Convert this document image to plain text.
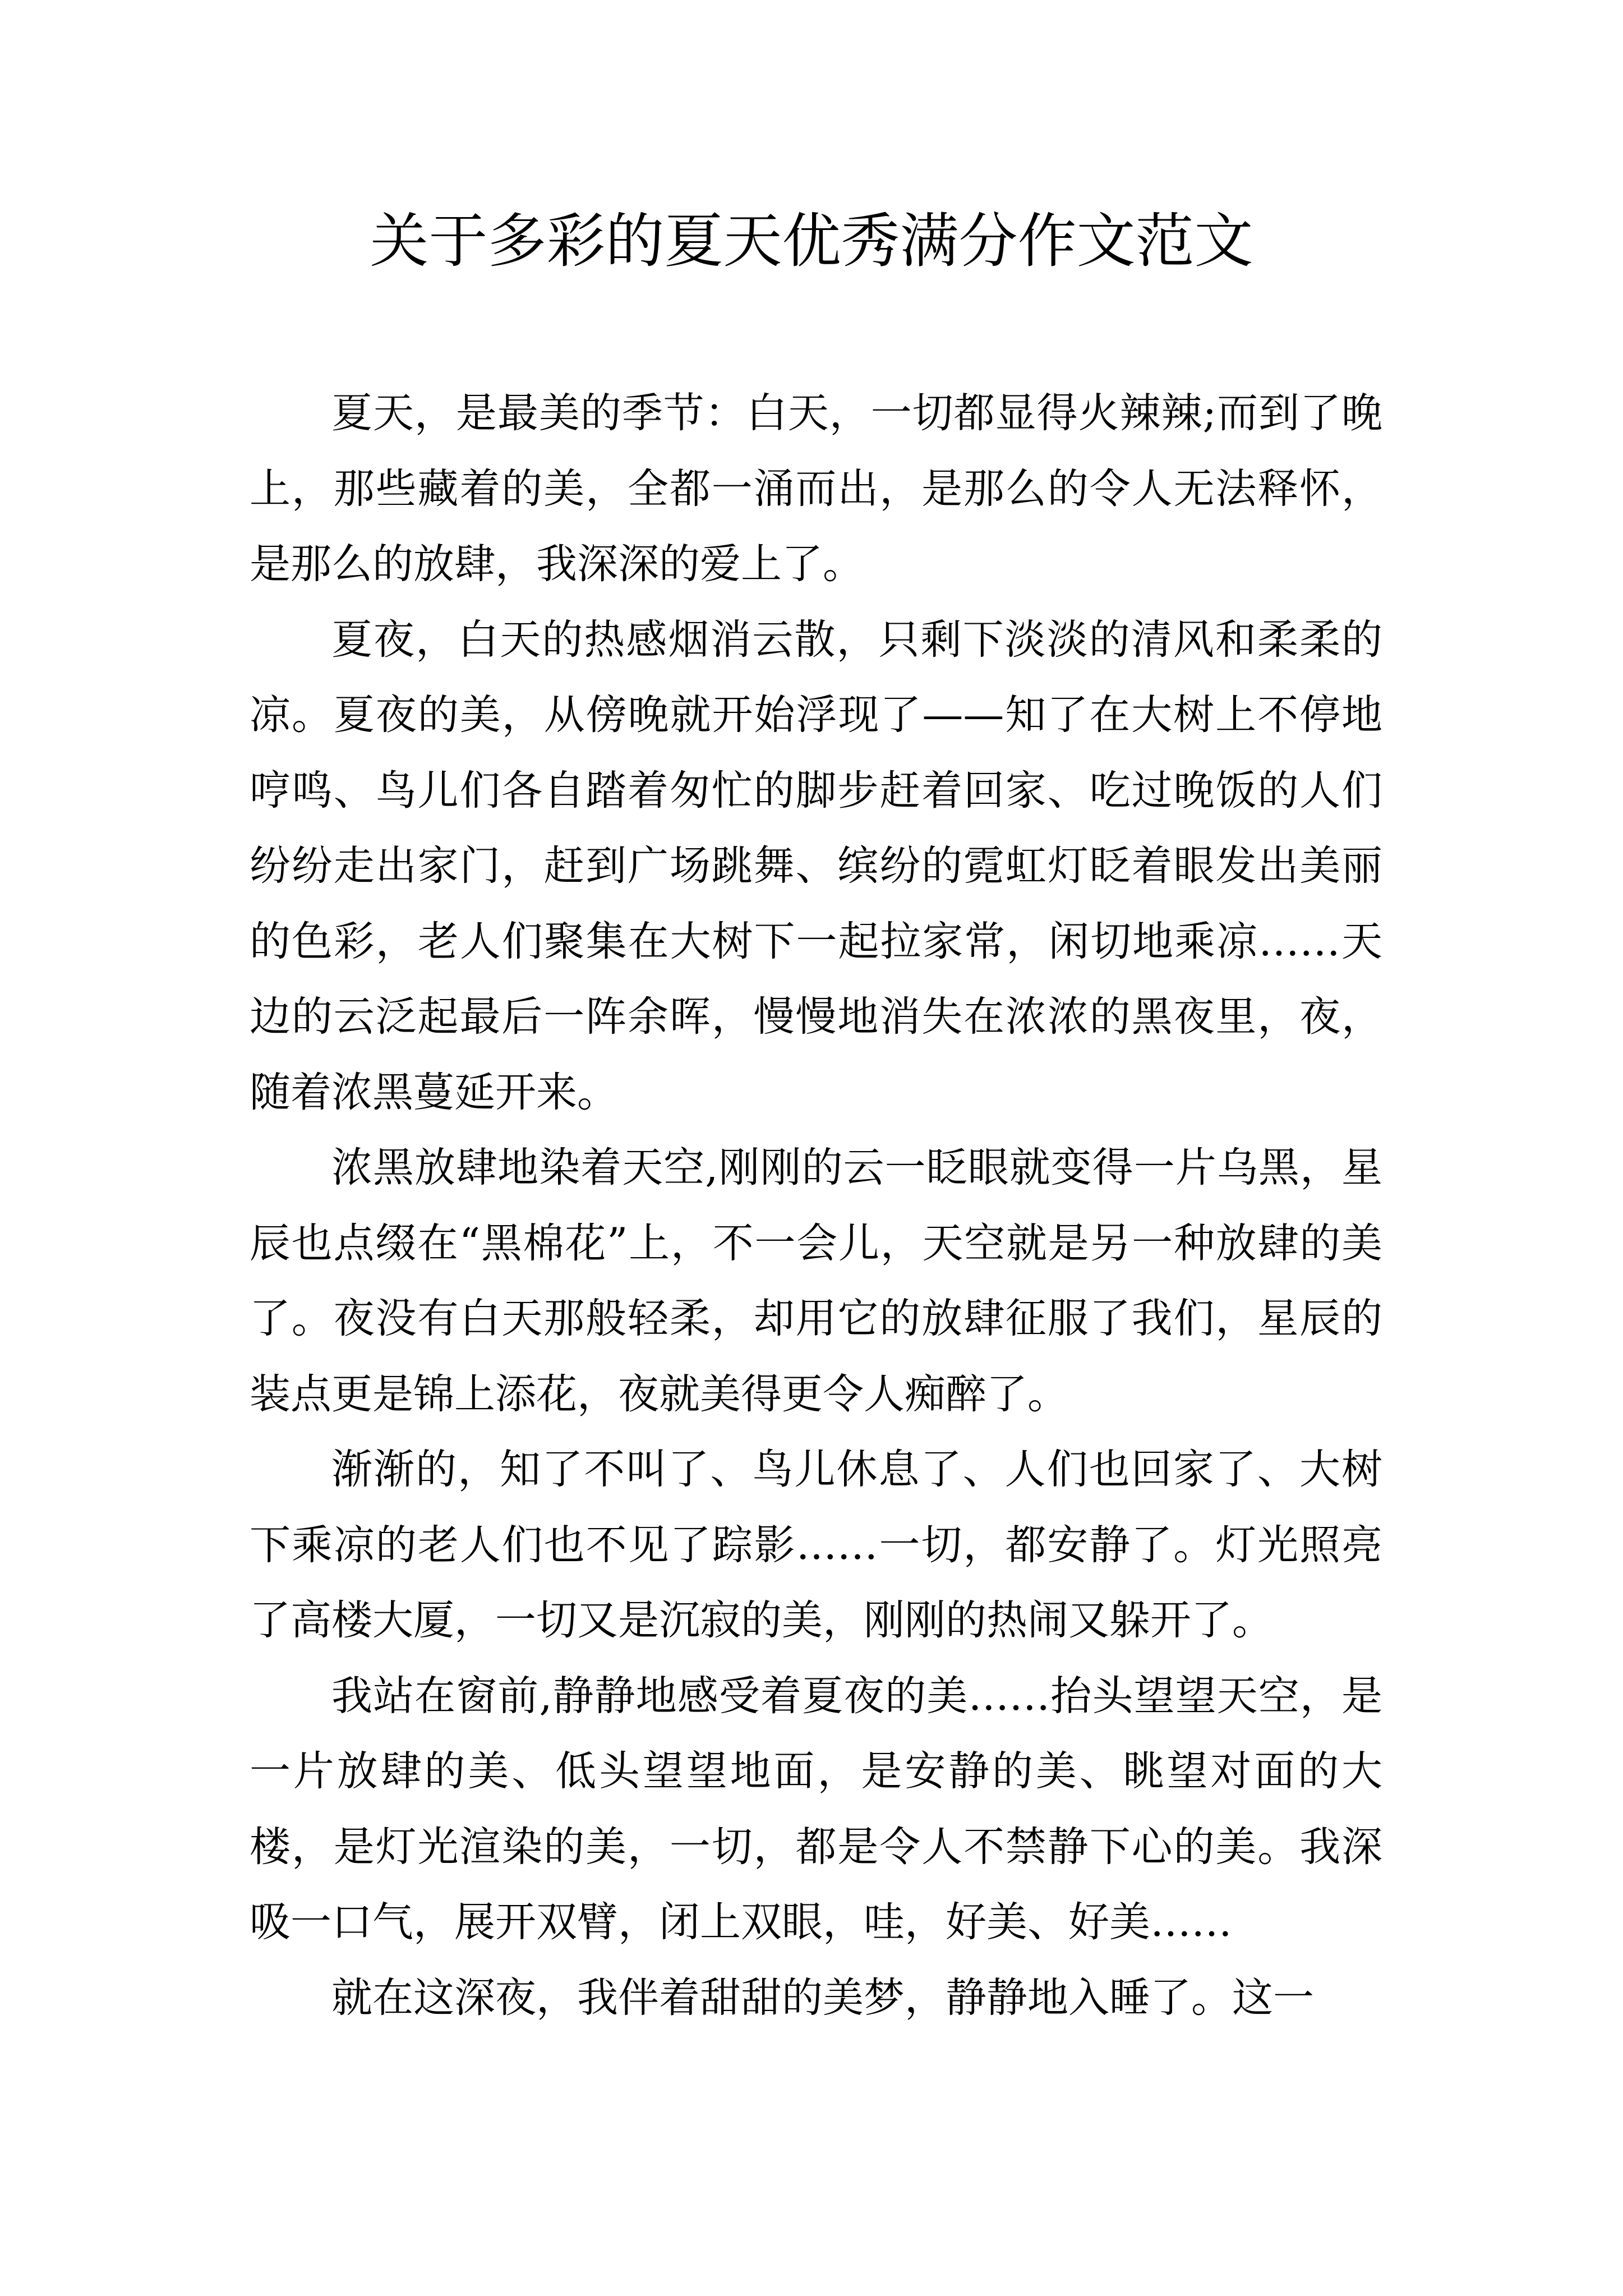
关于多彩的夏天优秀满分作文范文

夏天，是最美的季节：白天，一切都显得火辣辣;而到了晚上，那些藏着的美，全都一涌而出，是那么的令人无法释怀，是那么的放肆，我深深的爱上了。

夏夜，白天的热感烟消云散，只剩下淡淡的清风和柔柔的凉。夏夜的美，从傍晚就开始浮现了——知了在大树上不停地哼鸣、鸟儿们各自踏着匆忙的脚步赶着回家、吃过晚饭的人们纷纷走出家门，赶到广场跳舞、缤纷的霓虹灯眨着眼发出美丽的色彩，老人们聚集在大树下一起拉家常，闲切地乘凉……天边的云泛起最后一阵余晖，慢慢地消失在浓浓的黑夜里，夜，随着浓黑蔓延开来。

浓黑放肆地染着天空,刚刚的云一眨眼就变得一片乌黑，星辰也点缀在“黑棉花”上，不一会儿，天空就是另一种放肆的美了。夜没有白天那般轻柔，却用它的放肆征服了我们，星辰的装点更是锦上添花，夜就美得更令人痴醉了。

渐渐的，知了不叫了、鸟儿休息了、人们也回家了、大树下乘凉的老人们也不见了踪影……一切，都安静了。灯光照亮了高楼大厦，一切又是沉寂的美，刚刚的热闹又躲开了。

我站在窗前,静静地感受着夏夜的美……抬头望望天空，是一片放肆的美、低头望望地面，是安静的美、眺望对面的大楼，是灯光渲染的美，一切，都是令人不禁静下心的美。我深吸一口气，展开双臂，闭上双眼，哇，好美、好美……

就在这深夜，我伴着甜甜的美梦，静静地入睡了。这一
